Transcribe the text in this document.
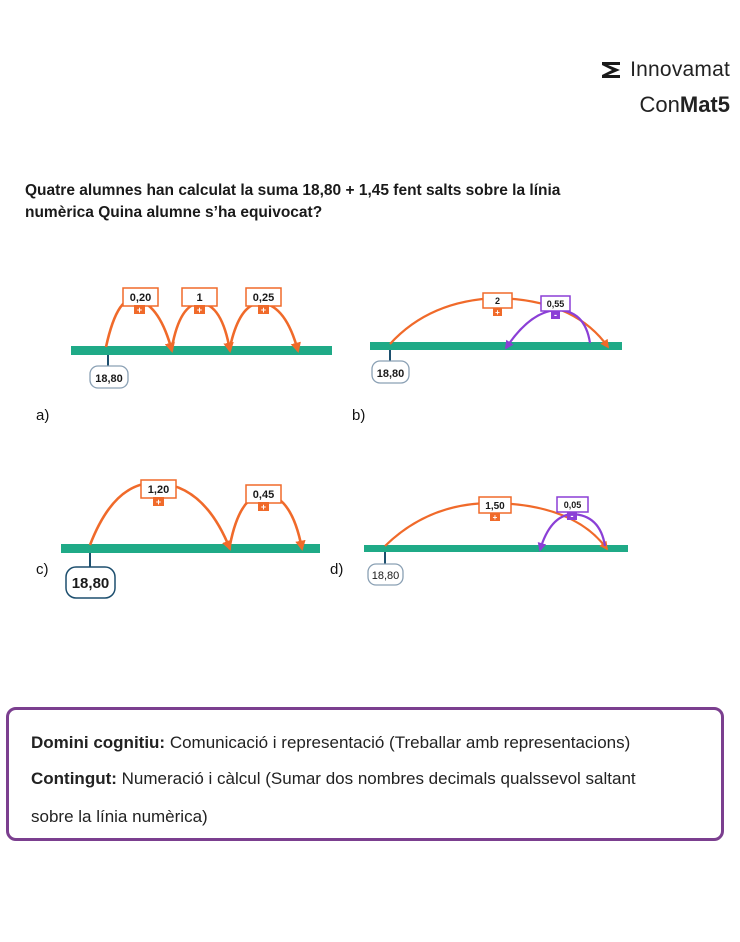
Innovamat
ConMat5
Quatre alumnes han calculat la suma 18,80 + 1,45 fent salts sobre la línia numèrica Quina alumne s’ha equivocat?
18,80
0,20
+
1
+
0,25
+
18,80
2
+
0,55
-
18,80
1,20
+
0,45
+
18,80
1,50
+
0,05
-
a)	b)
c)	d)

Domini cognitiu: Comunicació i representació (Treballar amb representacions)

Contingut: Numeració i càlcul (Sumar dos nombres decimals qualssevol saltant

sobre la línia numèrica)
